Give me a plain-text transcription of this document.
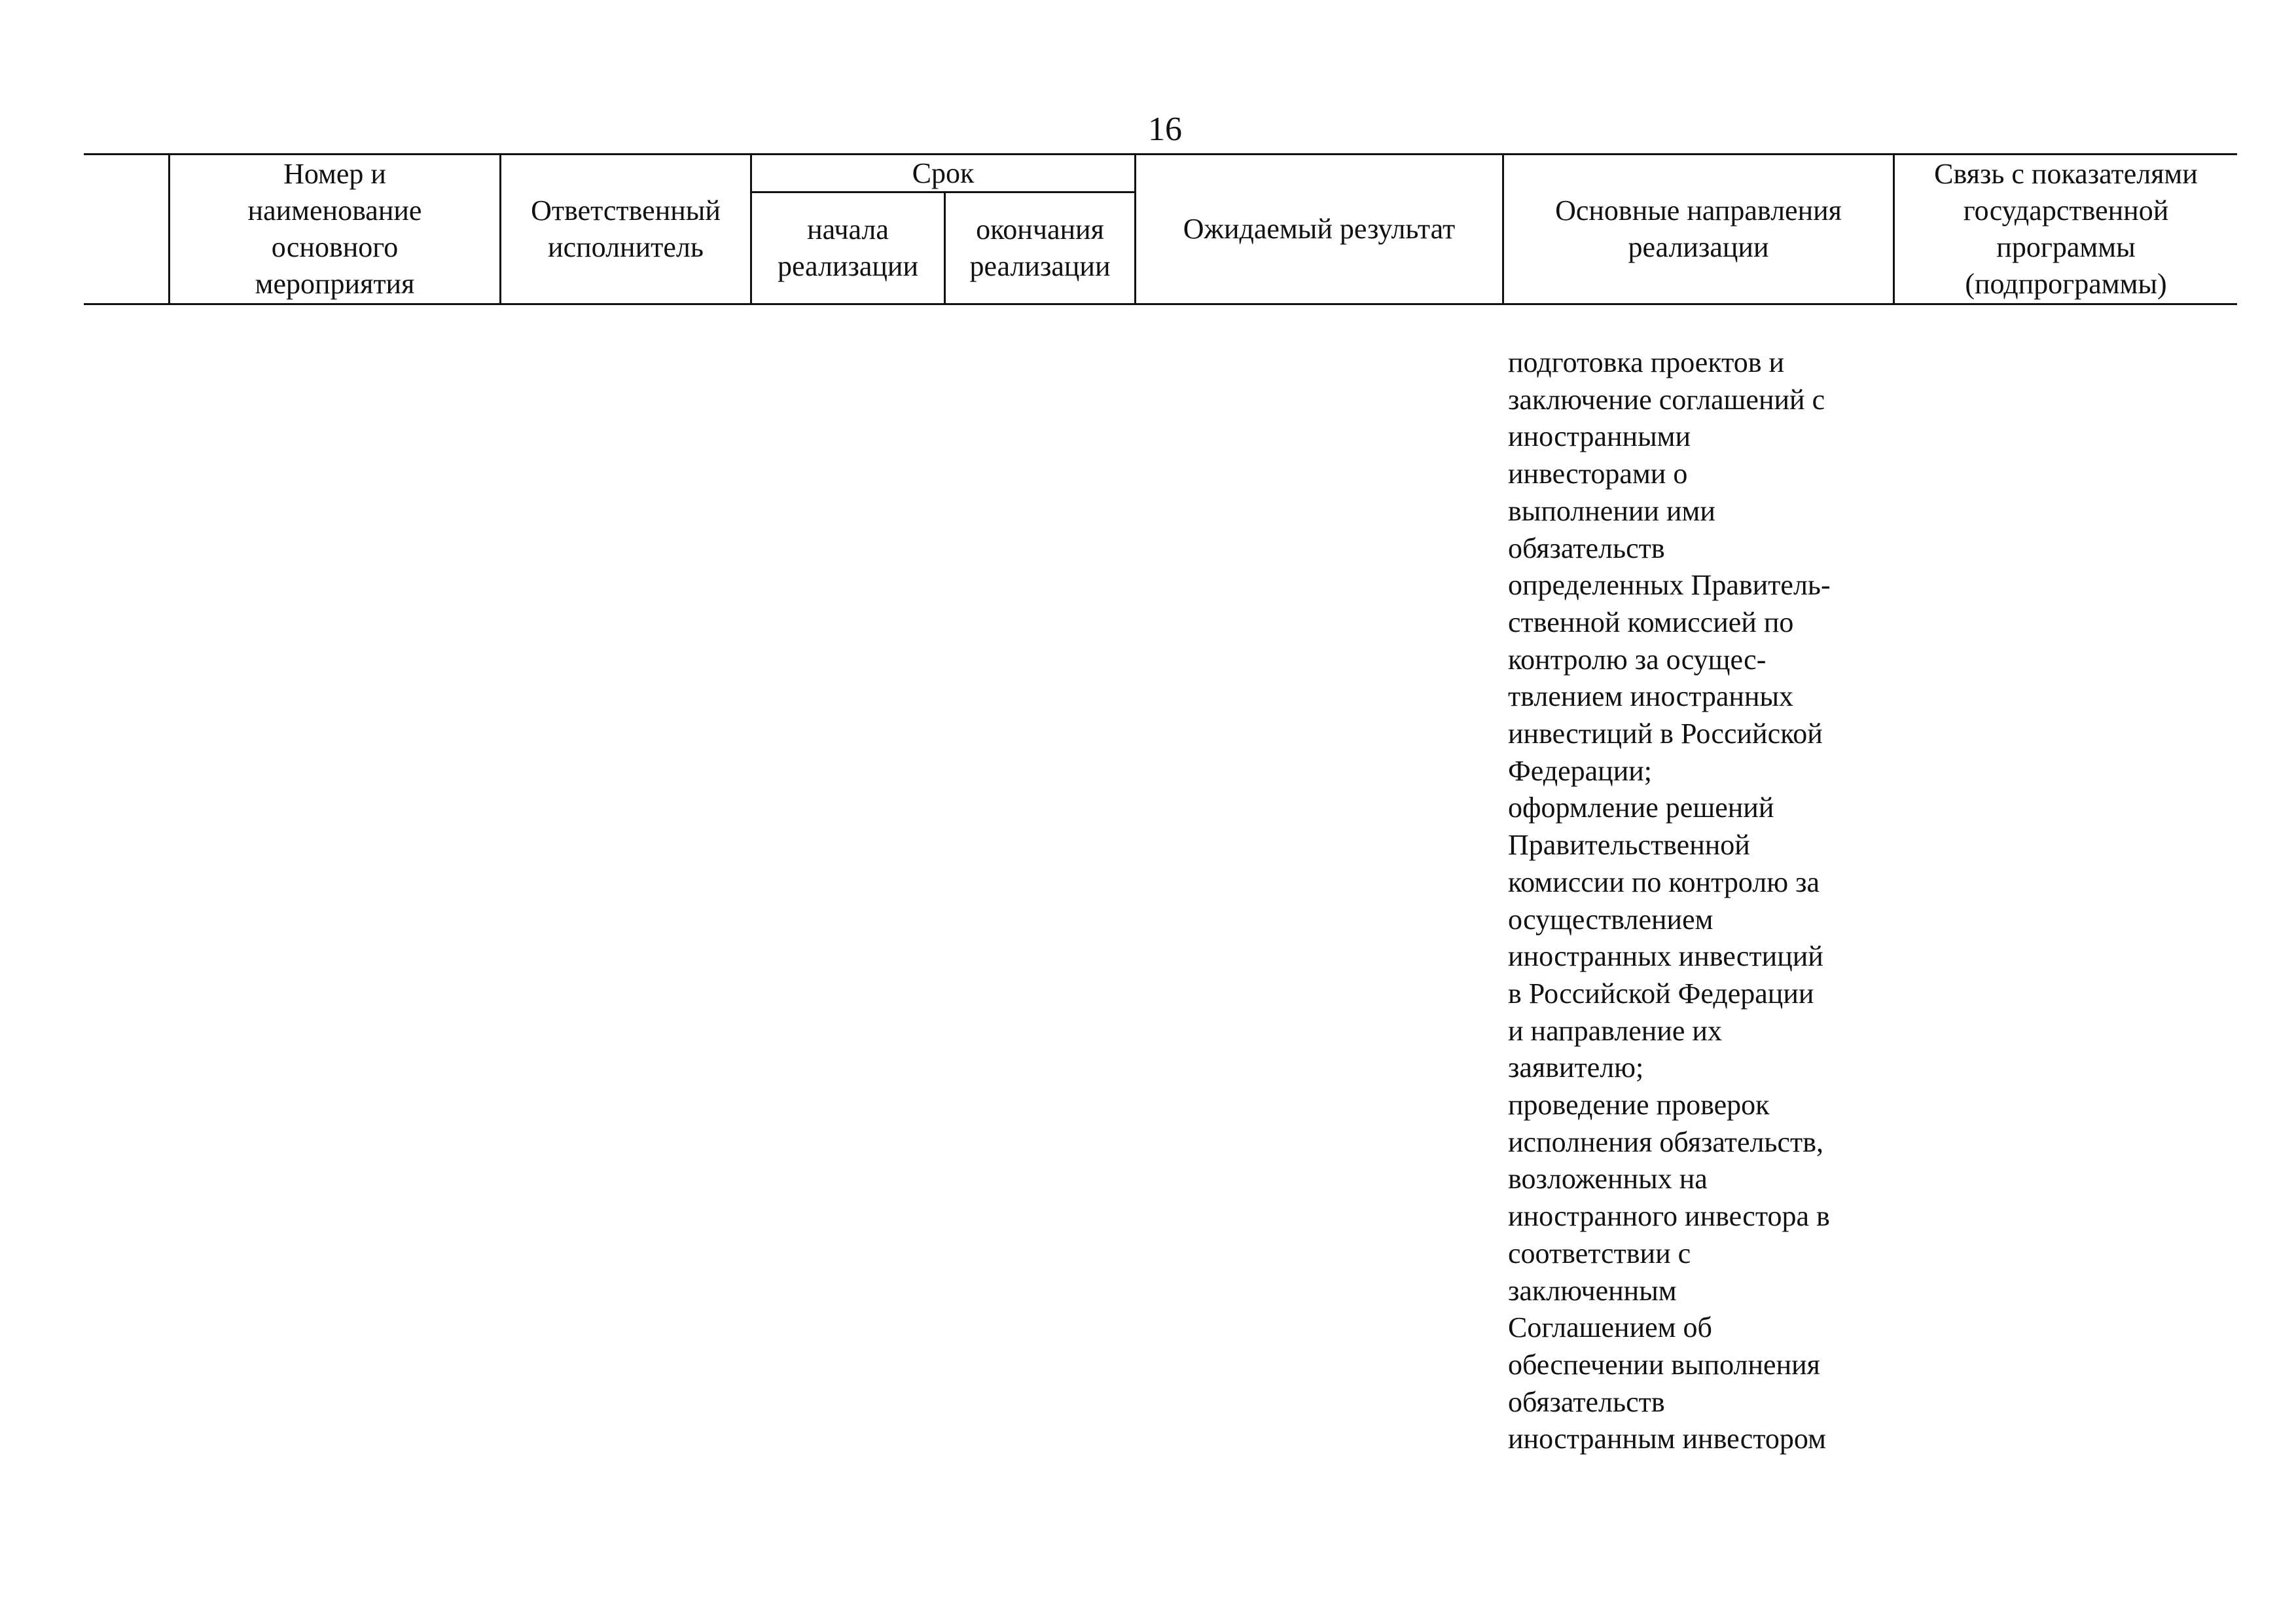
16
Номер и
наименование
основного
мероприятия
Ответственный
исполнитель
Срок
начала
реализации
окончания
реализации
Ожидаемый результат
Основные направления
реализации
Связь с показателями
государственной
программы
(подпрограммы)
подготовка проектов и
заключение соглашений с
иностранными
инвесторами о
выполнении ими
обязательств
определенных Правитель-
ственной комиссией по
контролю за осущес-
твлением иностранных
инвестиций в Российской
Федерации;
оформление решений
Правительственной
комиссии по контролю за
осуществлением
иностранных инвестиций
в Российской Федерации
и направление их
заявителю;
проведение проверок
исполнения обязательств,
возложенных на
иностранного инвестора в
соответствии с
заключенным
Соглашением об
обеспечении выполнения
обязательств
иностранным инвестором
